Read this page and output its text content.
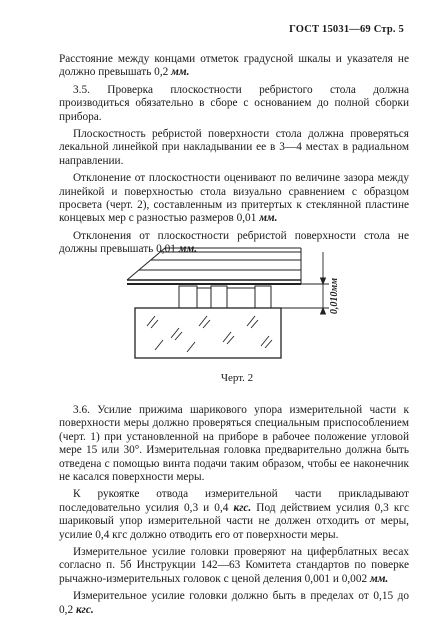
ГОСТ 15031—69 Стр. 5

Расстояние между концами отметок градусной шкалы и указателя не должно превышать 0,2 мм.

3.5. Проверка плоскостности ребристого стола должна производиться обязательно в сборе с основанием до полной сборки прибора.

Плоскостность ребристой поверхности стола должна проверяться лекальной линейкой при накладывании ее в 3—4 местах в радиальном направлении.

Отклонение от плоскостности оценивают по величине зазора между линейкой и поверхностью стола визуально сравнением с образцом просвета (черт. 2), составленным из притертых к стеклянной пластине концевых мер с разностью размеров 0,01 мм.

Отклонения от плоскостности ребристой поверхности стола не должны превышать 0,01 мм.

0,010мм
Черт. 2

3.6. Усилие прижима шарикового упора измерительной части к поверхности меры должно проверяться специальным приспособлением (черт. 1) при установленной на приборе в рабочее положение угловой мере 15 или 30°. Измерительная головка предварительно должна быть отведена с помощью винта подачи таким образом, чтобы ее наконечник не касался поверхности меры.

К рукоятке отвода измерительной части прикладывают последовательно усилия 0,3 и 0,4 кгс. Под действием усилия 0,3 кгс шариковый упор измерительной части не должен отходить от меры, усилие 0,4 кгс должно отводить его от поверхности меры.

Измерительное усилие головки проверяют на циферблатных весах согласно п. 5б Инструкции 142—63 Комитета стандартов по поверке рычажно-измерительных головок с ценой деления 0,001 и 0,002 мм.

Измерительное усилие головки должно быть в пределах от 0,15 до 0,2 кгс.
